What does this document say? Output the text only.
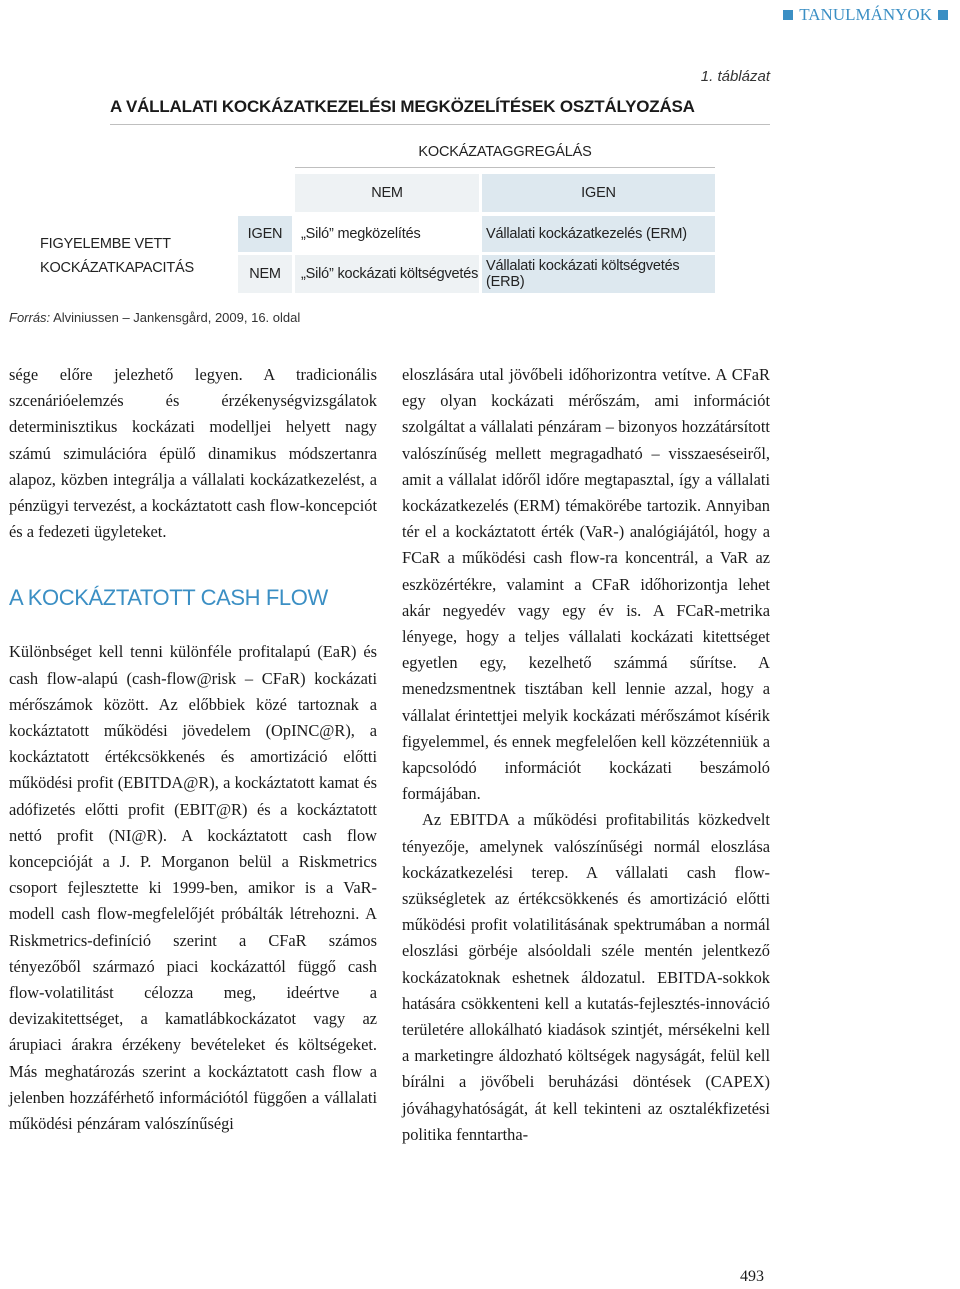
TANULMÁNYOK
1. táblázat
A VÁLLALATI KOCKÁZATKEZELÉSI MEGKÖZELÍTÉSEK OSZTÁLYOZÁSA
KOCKÁZATAGGREGÁLÁS
NEM	IGEN
FIGYELEMBE VETT KOCKÁZATKAPACITÁS
IGEN
NEM
„Siló” megközelítés	Vállalati kockázatkezelés (ERM)
„Siló” kockázati költségvetés Vállalati kockázati költségvetés (ERB)
Forrás: Alviniussen – Jankensgård, 2009, 16. oldal

sége előre jelezhető legyen. A tradicionális szcenárióelemzés és érzékenységvizsgálatok determinisztikus kockázati modelljei helyett nagy számú szimulációra épülő dinamikus módszertanra alapoz, közben integrálja a vállalati kockázatkezelést, a pénzügyi tervezést, a kockáztatott cash flow-koncepciót és a fedezeti ügyleteket.

A KOCKÁZTATOTT CASH FLOW

Különbséget kell tenni különféle profitalapú (EaR) és cash flow-alapú (cash-flow@risk – CFaR) kockázati mérőszámok között. Az előbbiek közé tartoznak a kockáztatott működési jövedelem (OpINC@R), a kockáztatott értékcsökkenés és amortizáció előtti működési profit (EBITDA@R), a kockáztatott kamat és adófizetés előtti profit (EBIT@R) és a kockáztatott nettó profit (NI@R). A kockáztatott cash flow koncepcióját a J. P. Morganon belül a Riskmetrics csoport fejlesztette ki 1999-ben, amikor is a VaR-modell cash flow-megfelelőjét próbálták létrehozni. A Riskmetrics-definíció szerint a CFaR számos tényezőből származó piaci kockázattól függő cash flow-volatilitást célozza meg, ideértve a devizakitettséget, a kamatlábkockázatot vagy az árupiaci árakra érzékeny bevételeket és költségeket. Más meghatározás szerint a kockáztatott cash flow a jelenben hozzáférhető információtól függően a vállalati működési pénzáram valószínűségi

eloszlására utal jövőbeli időhorizontra vetítve. A CFaR egy olyan kockázati mérőszám, ami információt szolgáltat a vállalati pénzáram – bizonyos hozzátársított valószínűség mellett megragadható – visszaeséseiről, amit a vállalat időről időre megtapasztal, így a vállalati kockázatkezelés (ERM) témakörébe tartozik. Annyiban tér el a kockáztatott érték (VaR-) analógiájától, hogy a FCaR a működési cash flow-ra koncentrál, a VaR az eszközértékre, valamint a CFaR időhorizontja lehet akár negyedév vagy egy év is. A FCaR-metrika lényege, hogy a teljes vállalati kockázati kitettséget egyetlen egy, kezelhető számmá sűrítse. A menedzsmentnek tisztában kell lennie azzal, hogy a vállalat érintettjei melyik kockázati mérőszámot kísérik figyelemmel, és ennek megfelelően kell közzétenniük a kapcsolódó információt kockázati beszámoló formájában.

Az EBITDA a működési profitabilitás közkedvelt tényezője, amelynek valószínűségi normál eloszlása kockázatkezelési terep. A vállalati cash flow-szükségletek az értékcsökkenés és amortizáció előtti működési profit volatilitásának spektrumában a normál eloszlási görbéje alsóoldali széle mentén jelentkező kockázatoknak eshetnek áldozatul. EBITDA-sokkok hatására csökkenteni kell a kutatás-fejlesztés-innováció területére allokálható kiadások szintjét, mérsékelni kell a marketingre áldozható költségek nagyságát, felül kell bírálni a jövőbeli beruházási döntések (CAPEX) jóváhagyhatóságát, át kell tekinteni az osztalékfizetési politika fenntartha-

493
